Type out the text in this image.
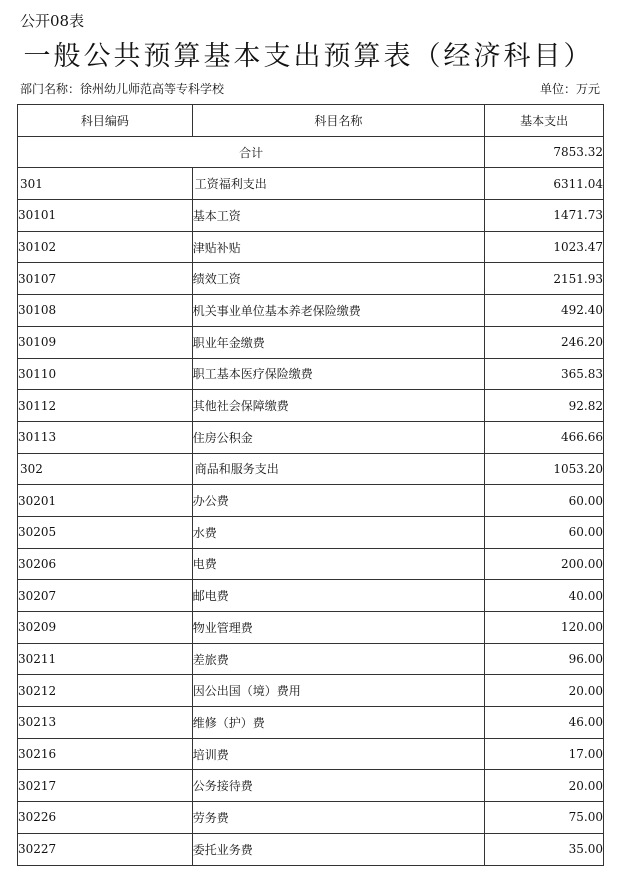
公开08表
一般公共预算基本支出预算表（经济科目）
部门名称：徐州幼儿师范高等专科学校	单位：万元
科目编码	科目名称	基本支出
合计		7853.32
301	工资福利支出	6311.04
30101	基本工资	1471.73
30102	津贴补贴	1023.47
30107	绩效工资	2151.93
30108	机关事业单位基本养老保险缴费	492.40
30109	职业年金缴费	246.20
30110	职工基本医疗保险缴费	365.83
30112	其他社会保障缴费	92.82
30113	住房公积金	466.66
302	商品和服务支出	1053.20
30201	办公费	60.00
30205	水费	60.00
30206	电费	200.00
30207	邮电费	40.00
30209	物业管理费	120.00
30211	差旅费	96.00
30212	因公出国（境）费用	20.00
30213	维修（护）费	46.00
30216	培训费	17.00
30217	公务接待费	20.00
30226	劳务费	75.00
30227	委托业务费	35.00
